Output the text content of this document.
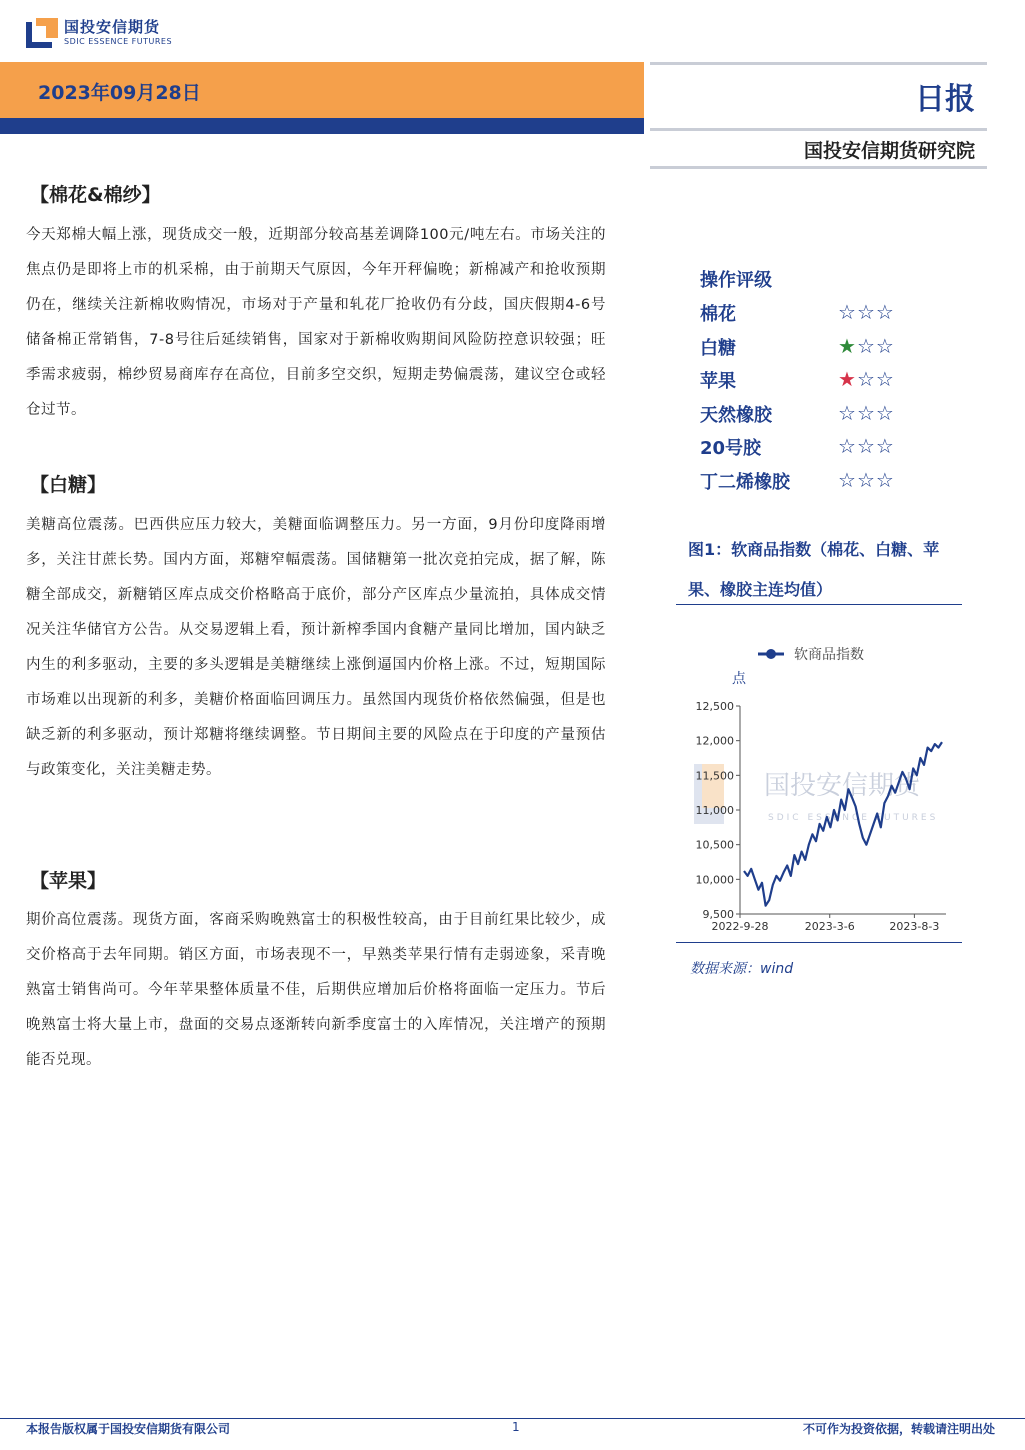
国投安信期货
SDIC ESSENCE FUTURES
2023年09月28日	日报
国投安信期货研究院
【棉花&棉纱】
今天郑棉大幅上涨，现货成交一般，近期部分较高基差调降100元/吨左右。市场关注的焦点仍是即将上市的机采棉，由于前期天气原因，今年开秤偏晚；新棉减产和抢收预期仍在，继续关注新棉收购情况，市场对于产量和轧花厂抢收仍有分歧，国庆假期4-6号储备棉正常销售，7-8号往后延续销售，国家对于新棉收购期间风险防控意识较强；旺季需求疲弱，棉纱贸易商库存在高位，目前多空交织，短期走势偏震荡，建议空仓或轻仓过节。
【白糖】
美糖高位震荡。巴西供应压力较大，美糖面临调整压力。另一方面，9月份印度降雨增多，关注甘蔗长势。国内方面，郑糖窄幅震荡。国储糖第一批次竞拍完成，据了解，陈糖全部成交，新糖销区库点成交价格略高于底价，部分产区库点少量流拍，具体成交情况关注华储官方公告。从交易逻辑上看，预计新榨季国内食糖产量同比增加，国内缺乏内生的利多驱动，主要的多头逻辑是美糖继续上涨倒逼国内价格上涨。不过，短期国际市场难以出现新的利多，美糖价格面临回调压力。虽然国内现货价格依然偏强，但是也缺乏新的利多驱动，预计郑糖将继续调整。节日期间主要的风险点在于印度的产量预估与政策变化，关注美糖走势。
【苹果】
期价高位震荡。现货方面，客商采购晚熟富士的积极性较高，由于目前红果比较少，成交价格高于去年同期。销区方面，市场表现不一，早熟类苹果行情有走弱迹象，采青晚熟富士销售尚可。今年苹果整体质量不佳，后期供应增加后价格将面临一定压力。节后晚熟富士将大量上市，盘面的交易点逐渐转向新季度富士的入库情况，关注增产的预期能否兑现。
操作评级
棉花	☆☆☆
白糖	★☆☆
苹果	★☆☆
天然橡胶	☆☆☆
20号胶	☆☆☆
丁二烯橡胶 ☆☆☆
图1：软商品指数（棉花、白糖、苹果、橡胶主连均值）
国投安信期货
SDIC ESSENCE FUTURES
软商品指数
点
9,500
10,000
10,500
11,000
11,500
12,000
12,500
2022-9-28	2023-3-6	2023-8-3
数据来源：wind
本报告版权属于国投安信期货有限公司	1	不可作为投资依据，转载请注明出处
